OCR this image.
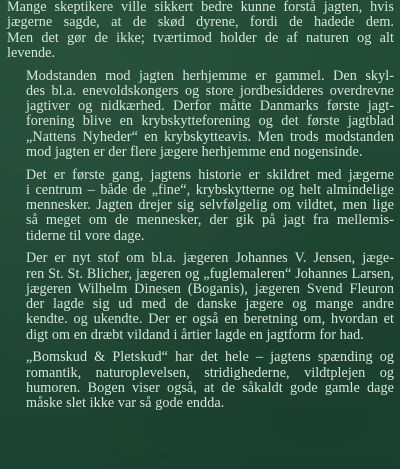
Mange skeptikere ville sikkert bedre kunne forstå jagten, hvis
jægerne sagde, at de skød dyrene, fordi de hadede dem.
Men det gør de ikke; tværtimod holder de af naturen og alt
levende.

Modstanden mod jagten herhjemme er gammel. Den skyl-
des bl.a. enevoldskongers og store jordbesidderes overdrevne
jagtiver og nidkærhed. Derfor måtte Danmarks første jagt-
forening blive en krybskytteforening og det første jagtblad
„Nattens Nyheder“ en krybskytteavis. Men trods modstanden
mod jagten er der flere jægere herhjemme end nogensinde.

Det er første gang, jagtens historie er skildret med jægerne
i centrum – både de „fine“, krybskytterne og helt almindelige
mennesker. Jagten drejer sig selvfølgelig om vildtet, men lige
så meget om de mennesker, der gik på jagt fra mellemis-
tiderne til vore dage.

Der er nyt stof om bl.a. jægeren Johannes V. Jensen, jæge-
ren St. St. Blicher, jægeren og „fuglemaleren“ Johannes Larsen,
jægeren Wilhelm Dinesen (Boganis), jægeren Svend Fleuron
der lagde sig ud med de danske jægere og mange andre
kendte. og ukendte. Der er også en beretning om, hvordan et
digt om en dræbt vildand i årtier lagde en jagtform for had.

„Bomskud & Pletskud“ har det hele – jagtens spænding og
romantik, naturoplevelsen, stridighederne, vildtplejen og
humoren. Bogen viser også, at de såkaldt gode gamle dage
måske slet ikke var så gode endda.
